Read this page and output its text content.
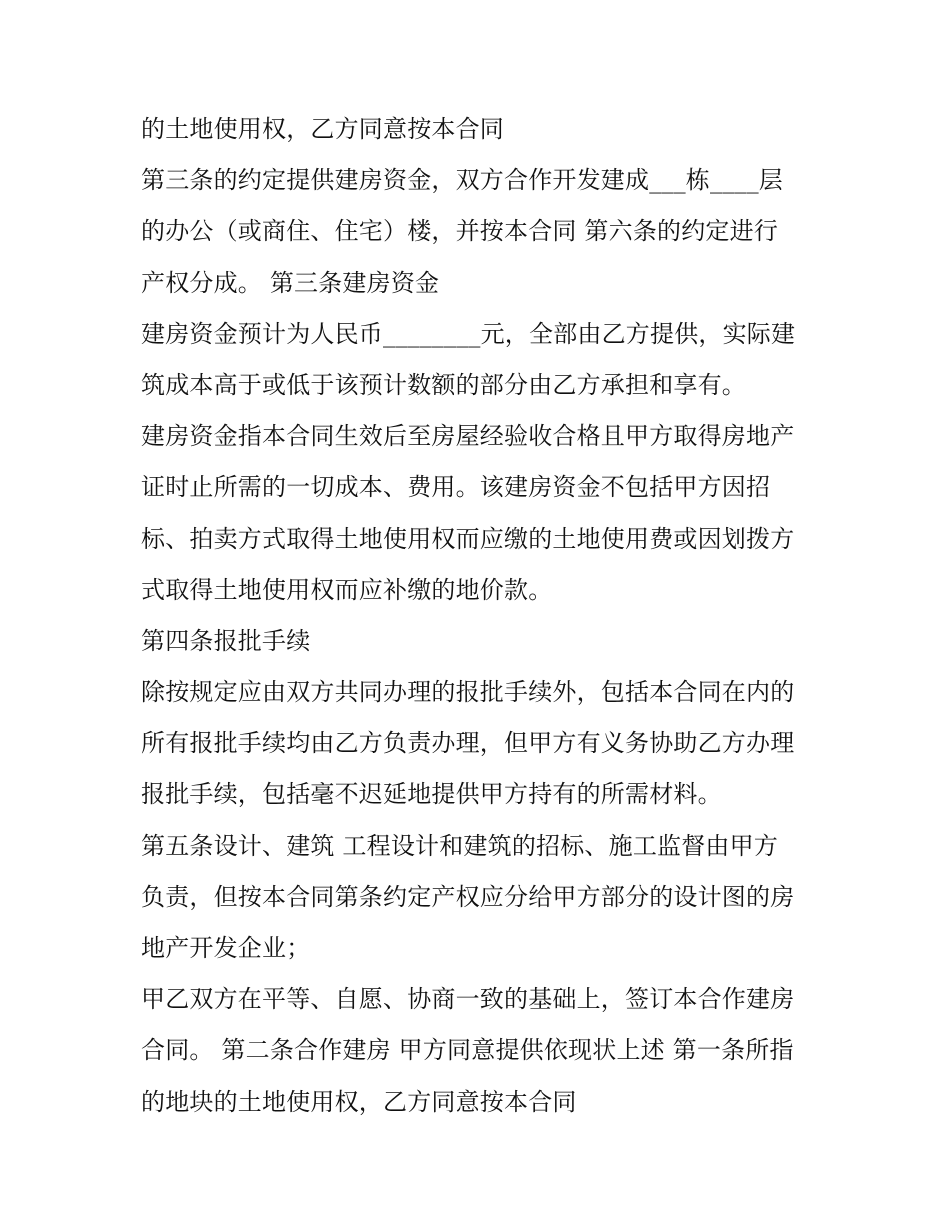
的土地使用权，乙方同意按本合同
第三条的约定提供建房资金，双方合作开发建成___栋____层
的办公（或商住、住宅）楼，并按本合同 第六条的约定进行
产权分成。 第三条建房资金
建房资金预计为人民币________元，全部由乙方提供，实际建
筑成本高于或低于该预计数额的部分由乙方承担和享有。
建房资金指本合同生效后至房屋经验收合格且甲方取得房地产
证时止所需的一切成本、费用。该建房资金不包括甲方因招
标、拍卖方式取得土地使用权而应缴的土地使用费或因划拨方
式取得土地使用权而应补缴的地价款。
第四条报批手续
除按规定应由双方共同办理的报批手续外，包括本合同在内的
所有报批手续均由乙方负责办理，但甲方有义务协助乙方办理
报批手续，包括毫不迟延地提供甲方持有的所需材料。
第五条设计、建筑 工程设计和建筑的招标、施工监督由甲方
负责，但按本合同第条约定产权应分给甲方部分的设计图的房
地产开发企业；
甲乙双方在平等、自愿、协商一致的基础上，签订本合作建房
合同。 第二条合作建房 甲方同意提供依现状上述 第一条所指
的地块的土地使用权，乙方同意按本合同
